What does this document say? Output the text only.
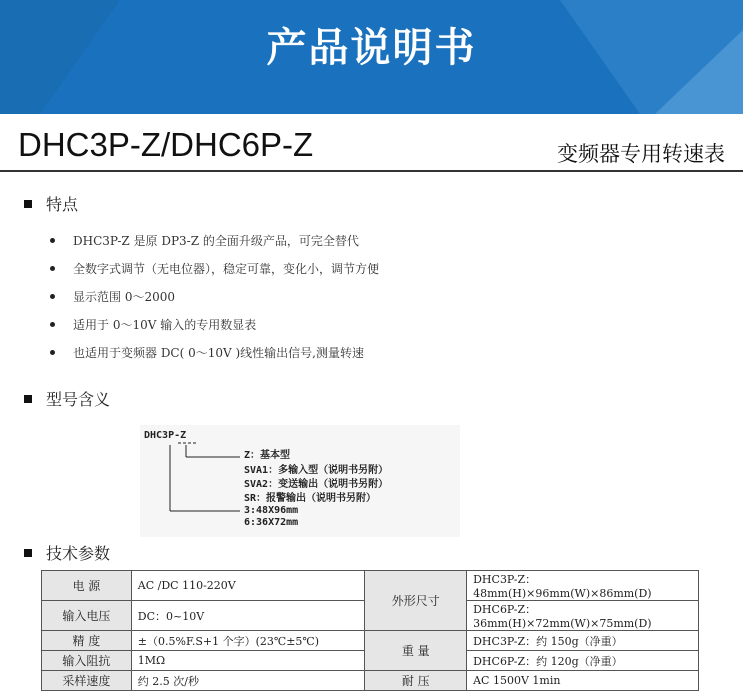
产品说明书
DHC3P-Z/DHC6P-Z	变频器专用转速表
特点
DHC3P-Z 是原 DP3-Z 的全面升级产品，可完全替代
全数字式调节（无电位器），稳定可靠，变化小，调节方便
显示范围 0～2000
适用于 0～10V 输入的专用数显表
也适用于变频器 DC( 0～10V )线性输出信号,测量转速
型号含义
DHC3P-Z
Z：基本型
SVA1：多输入型（说明书另附）
SVA2：变送输出（说明书另附）
SR：报警输出（说明书另附）
3:48X96mm
6:36X72mm
技术参数
电 源	AC /DC 110-220V	外形尺寸	DHC3P-Z：48mm(H)×96mm(W)×86mm(D)
输入电压	DC：0~10V		DHC6P-Z：36mm(H)×72mm(W)×75mm(D)
精 度	±（0.5%F.S+1 个字）(23℃±5℃)	重 量	DHC3P-Z：约 150g（净重）
输入阻抗	1MΩ		DHC6P-Z：约 120g（净重）
采样速度	约 2.5 次/秒	耐 压	AC 1500V 1min
